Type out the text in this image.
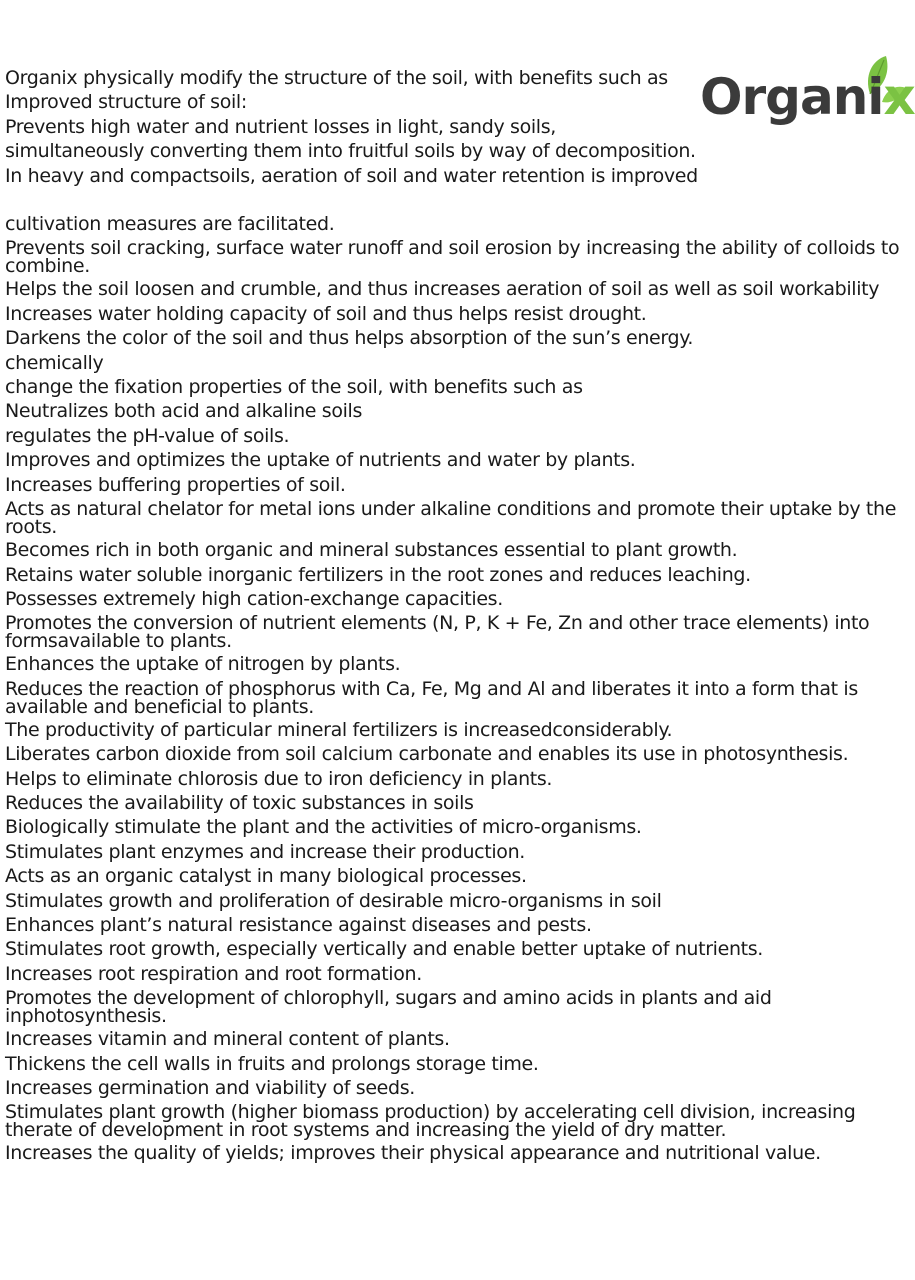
Organix
Organix physically modify the structure of the soil, with benefits such as
Improved structure of soil:
Prevents high water and nutrient losses in light, sandy soils,
simultaneously converting them into fruitful soils by way of decomposition.
In heavy and compactsoils, aeration of soil and water retention is improved
cultivation measures are facilitated.
Prevents soil cracking, surface water runoff and soil erosion by increasing the ability of colloids to combine.
Helps the soil loosen and crumble, and thus increases aeration of soil as well as soil workability
Increases water holding capacity of soil and thus helps resist drought.
Darkens the color of the soil and thus helps absorption of the sun’s energy.
chemically
change the fixation properties of the soil, with benefits such as
Neutralizes both acid and alkaline soils
regulates the pH-value of soils.
Improves and optimizes the uptake of nutrients and water by plants.
Increases buffering properties of soil.
Acts as natural chelator for metal ions under alkaline conditions and promote their uptake by the roots.
Becomes rich in both organic and mineral substances essential to plant growth.
Retains water soluble inorganic fertilizers in the root zones and reduces leaching.
Possesses extremely high cation-exchange capacities.
Promotes the conversion of nutrient elements (N, P, K + Fe, Zn and other trace elements) into formsavailable to plants.
Enhances the uptake of nitrogen by plants.
Reduces the reaction of phosphorus with Ca, Fe, Mg and Al and liberates it into a form that is available and beneficial to plants.
The productivity of particular mineral fertilizers is increasedconsiderably.
Liberates carbon dioxide from soil calcium carbonate and enables its use in photosynthesis.
Helps to eliminate chlorosis due to iron deficiency in plants.
Reduces the availability of toxic substances in soils
Biologically stimulate the plant and the activities of micro-organisms.
Stimulates plant enzymes and increase their production.
Acts as an organic catalyst in many biological processes.
Stimulates growth and proliferation of desirable micro-organisms in soil
Enhances plant’s natural resistance against diseases and pests.
Stimulates root growth, especially vertically and enable better uptake of nutrients.
Increases root respiration and root formation.
Promotes the development of chlorophyll, sugars and amino acids in plants and aid inphotosynthesis.
Increases vitamin and mineral content of plants.
Thickens the cell walls in fruits and prolongs storage time.
Increases germination and viability of seeds.
Stimulates plant growth (higher biomass production) by accelerating cell division, increasing therate of development in root systems and increasing the yield of dry matter.
Increases the quality of yields; improves their physical appearance and nutritional value.
